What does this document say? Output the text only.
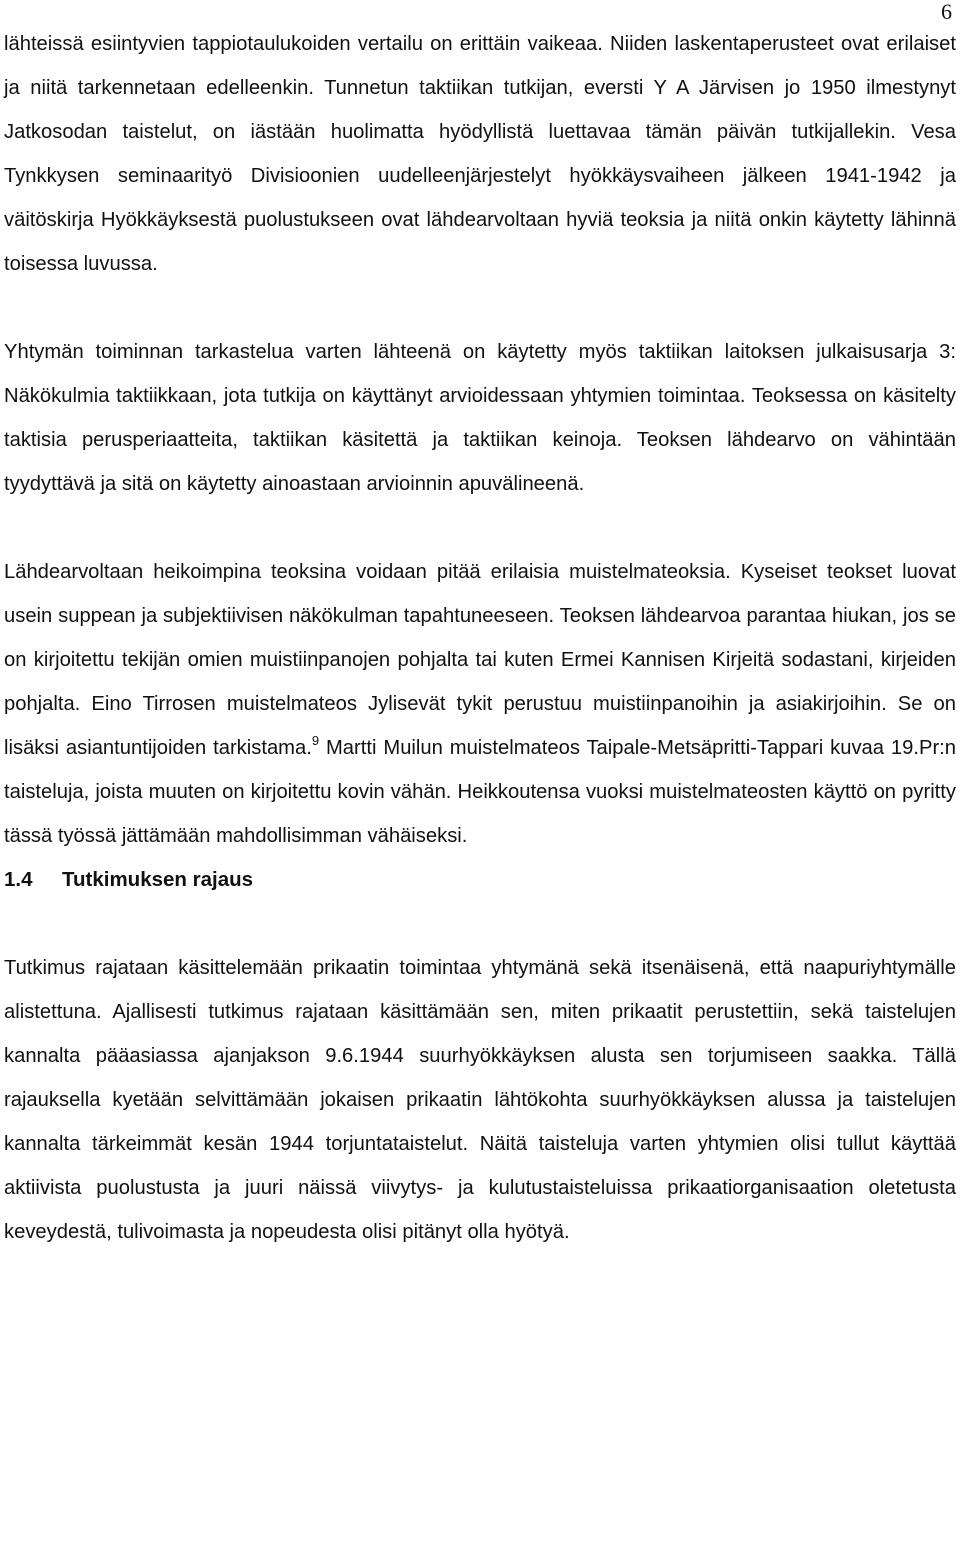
6

lähteissä esiintyvien tappiotaulukoiden vertailu on erittäin vaikeaa. Niiden laskentaperusteet ovat erilaiset ja niitä tarkennetaan edelleenkin. Tunnetun taktiikan tutkijan, eversti Y A Järvisen jo 1950 ilmestynyt Jatkosodan taistelut, on iästään huolimatta hyödyllistä luettavaa tämän päivän tutkijallekin. Vesa Tynkkysen seminaarityö Divisioonien uudelleenjärjestelyt hyökkäysvaiheen jälkeen 1941-1942 ja väitöskirja Hyökkäyksestä puolustukseen ovat lähdearvoltaan hyviä teoksia ja niitä onkin käytetty lähinnä toisessa luvussa.

Yhtymän toiminnan tarkastelua varten lähteenä on käytetty myös taktiikan laitoksen julkaisusarja 3: Näkökulmia taktiikkaan, jota tutkija on käyttänyt arvioidessaan yhtymien toimintaa. Teoksessa on käsitelty taktisia perusperiaatteita, taktiikan käsitettä ja taktiikan keinoja. Teoksen lähdearvo on vähintään tyydyttävä ja sitä on käytetty ainoastaan arvioinnin apuvälineenä.

Lähdearvoltaan heikoimpina teoksina voidaan pitää erilaisia muistelmateoksia. Kyseiset teokset luovat usein suppean ja subjektiivisen näkökulman tapahtuneeseen. Teoksen lähdearvoa parantaa hiukan, jos se on kirjoitettu tekijän omien muistiinpanojen pohjalta tai kuten Ermei Kannisen Kirjeitä sodastani, kirjeiden pohjalta. Eino Tirrosen muistelmateos Jylisevät tykit perustuu muistiinpanoihin ja asiakirjoihin. Se on lisäksi asiantuntijoiden tarkistama.$^9$ Martti Muilun muistelmateos Taipale-Metsäpritti-Tappari kuvaa 19.Pr:n taisteluja, joista muuten on kirjoitettu kovin vähän. Heikkoutensa vuoksi muistelmateosten käyttö on pyritty tässä työssä jättämään mahdollisimman vähäiseksi.

1.4 Tutkimuksen rajaus

Tutkimus rajataan käsittelemään prikaatin toimintaa yhtymänä sekä itsenäisenä, että naapuriyhtymälle alistettuna. Ajallisesti tutkimus rajataan käsittämään sen, miten prikaatit perustettiin, sekä taistelujen kannalta pääasiassa ajanjakson 9.6.1944 suurhyökkäyksen alusta sen torjumiseen saakka. Tällä rajauksella kyetään selvittämään jokaisen prikaatin lähtökohta suurhyökkäyksen alussa ja taistelujen kannalta tärkeimmät kesän 1944 torjuntataistelut. Näitä taisteluja varten yhtymien olisi tullut käyttää aktiivista puolustusta ja juuri näissä viivytys- ja kulutustaisteluissa prikaatiorganisaation oletetusta keveydestä, tulivoimasta ja nopeudesta olisi pitänyt olla hyötyä.
